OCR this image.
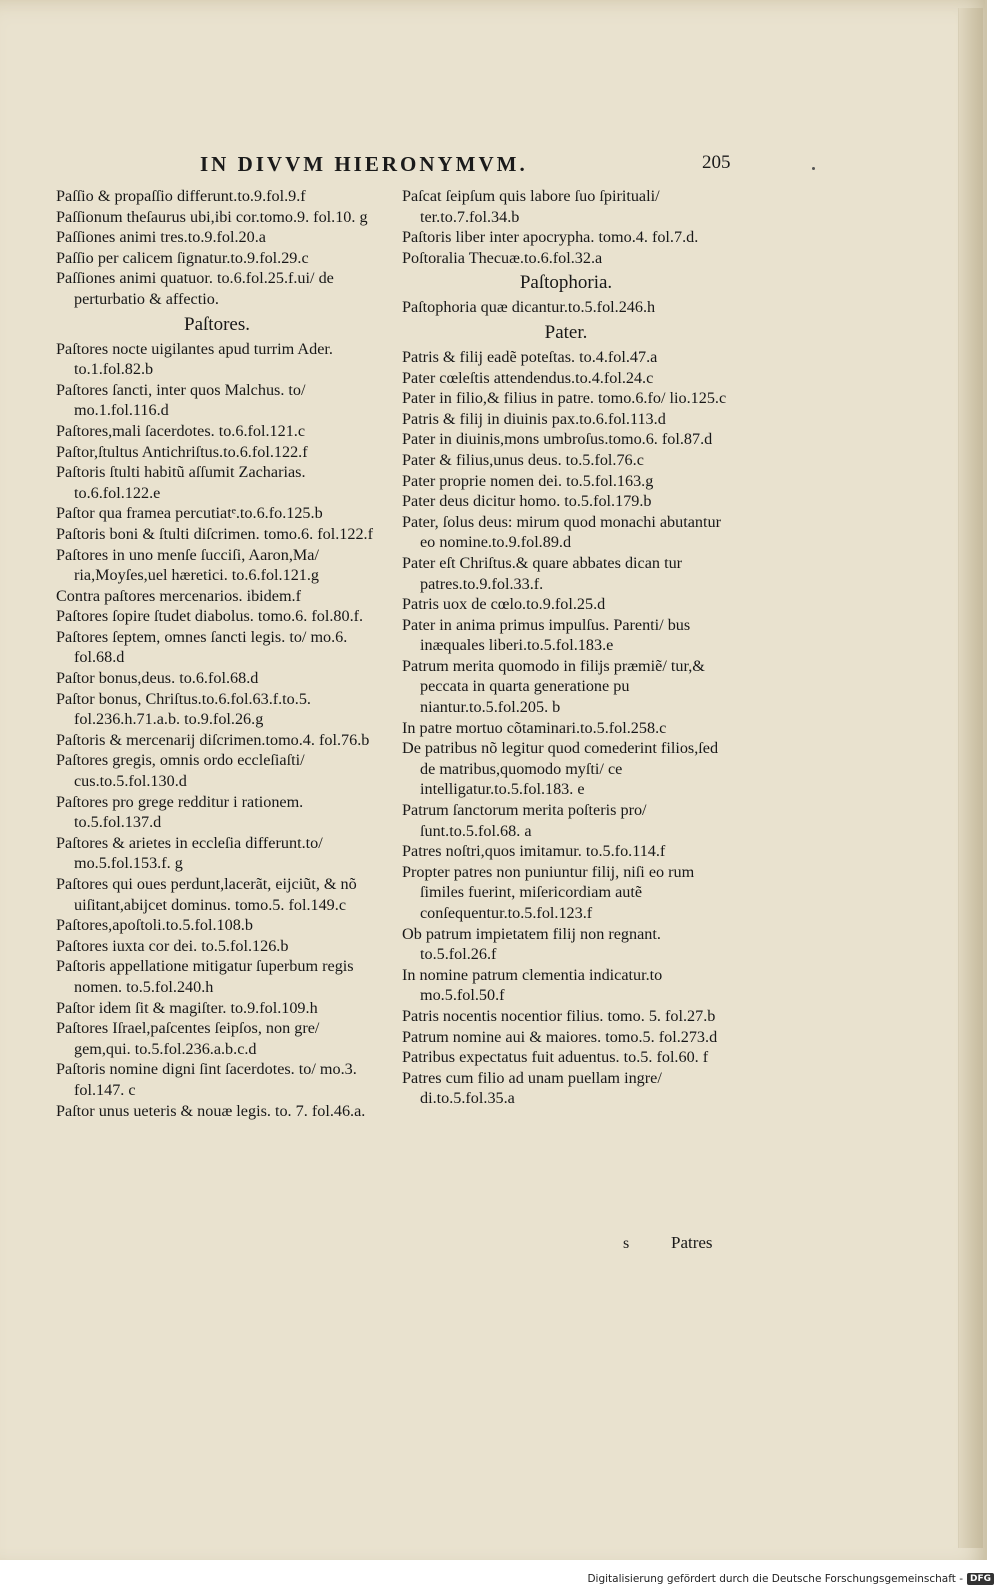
IN DIVVM HIERONYMVM.	205

Paſſio & propaſſio differunt.to.9.fol.9.f

Paſſionum theſaurus ubi,ibi cor.tomo.9. fol.10. g

Paſſiones animi tres.to.9.fol.20.a

Paſſio per calicem ſignatur.to.9.fol.29.c

Paſſiones animi quatuor. to.6.fol.25.f.ui/ de perturbatio & affectio.

Paſtores.

Paſtores nocte uigilantes apud turrim Ader. to.1.fol.82.b

Paſtores ſancti, inter quos Malchus. to/ mo.1.fol.116.d

Paſtores,mali ſacerdotes. to.6.fol.121.c

Paſtor,ſtultus Antichriſtus.to.6.fol.122.f

Paſtoris ſtulti habitũ aſſumit Zacharias. to.6.fol.122.e

Paſtor qua framea percutiatᵉ.to.6.fo.125.b

Paſtoris boni & ſtulti diſcrimen. tomo.6. fol.122.f

Paſtores in uno menſe ſucciſi, Aaron,Ma/ ria,Moyſes,uel hæretici. to.6.fol.121.g

Contra paſtores mercenarios. ibidem.f

Paſtores ſopire ſtudet diabolus. tomo.6. fol.80.f.

Paſtores ſeptem, omnes ſancti legis. to/ mo.6. fol.68.d

Paſtor bonus,deus. to.6.fol.68.d

Paſtor bonus, Chriſtus.to.6.fol.63.f.to.5. fol.236.h.71.a.b. to.9.fol.26.g

Paſtoris & mercenarij diſcrimen.tomo.4. fol.76.b

Paſtores gregis, omnis ordo eccleſiaſti/ cus.to.5.fol.130.d

Paſtores pro grege redditur i rationem. to.5.fol.137.d

Paſtores & arietes in eccleſia differunt.to/ mo.5.fol.153.f. g

Paſtores qui oues perdunt,lacerãt, eijciũt, & nõ uiſitant,abijcet dominus. tomo.5. fol.149.c

Paſtores,apoſtoli.to.5.fol.108.b

Paſtores iuxta cor dei. to.5.fol.126.b

Paſtoris appellatione mitigatur ſuperbum regis nomen. to.5.fol.240.h

Paſtor idem ſit & magiſter. to.9.fol.109.h

Paſtores Iſrael,paſcentes ſeipſos, non gre/ gem,qui. to.5.fol.236.a.b.c.d

Paſtoris nomine digni ſint ſacerdotes. to/ mo.3. fol.147. c

Paſtor unus ueteris & nouæ legis. to. 7. fol.46.a.

Paſcat ſeipſum quis labore ſuo ſpirituali/ ter.to.7.fol.34.b

Paſtoris liber inter apocrypha. tomo.4. fol.7.d.

Poſtoralia Thecuæ.to.6.fol.32.a

Paſtophoria.

Paſtophoria quæ dicantur.to.5.fol.246.h

Pater.

Patris & filij eadẽ poteſtas. to.4.fol.47.a

Pater cœleſtis attendendus.to.4.fol.24.c

Pater in filio,& filius in patre. tomo.6.fo/ lio.125.c

Patris & filij in diuinis pax.to.6.fol.113.d

Pater in diuinis,mons umbroſus.tomo.6. fol.87.d

Pater & filius,unus deus. to.5.fol.76.c

Pater proprie nomen dei. to.5.fol.163.g

Pater deus dicitur homo. to.5.fol.179.b

Pater, ſolus deus: mirum quod monachi abutantur eo nomine.to.9.fol.89.d

Pater eſt Chriſtus.& quare abbates dican tur patres.to.9.fol.33.f.

Patris uox de cœlo.to.9.fol.25.d

Pater in anima primus impulſus. Parenti/ bus inæquales liberi.to.5.fol.183.e

Patrum merita quomodo in filijs præmiẽ/ tur,& peccata in quarta generatione pu niantur.to.5.fol.205. b

In patre mortuo cõtaminari.to.5.fol.258.c

De patribus nõ legitur quod comederint filios,ſed de matribus,quomodo myſti/ ce intelligatur.to.5.fol.183. e

Patrum ſanctorum merita poſteris pro/ ſunt.to.5.fol.68. a

Patres noſtri,quos imitamur. to.5.fo.114.f

Propter patres non puniuntur filij, niſi eo rum ſimiles fuerint, miſericordiam autẽ conſequentur.to.5.fol.123.f

Ob patrum impietatem filij non regnant. to.5.fol.26.f

In nomine patrum clementia indicatur.to mo.5.fol.50.f

Patris nocentis nocentior filius. tomo. 5. fol.27.b

Patrum nomine aui & maiores. tomo.5. fol.273.d

Patribus expectatus fuit aduentus. to.5. fol.60. f

Patres cum filio ad unam puellam ingre/ di.to.5.fol.35.a

s Patres
Digitalisierung gefördert durch die Deutsche Forschungsgemeinschaft - DFG
